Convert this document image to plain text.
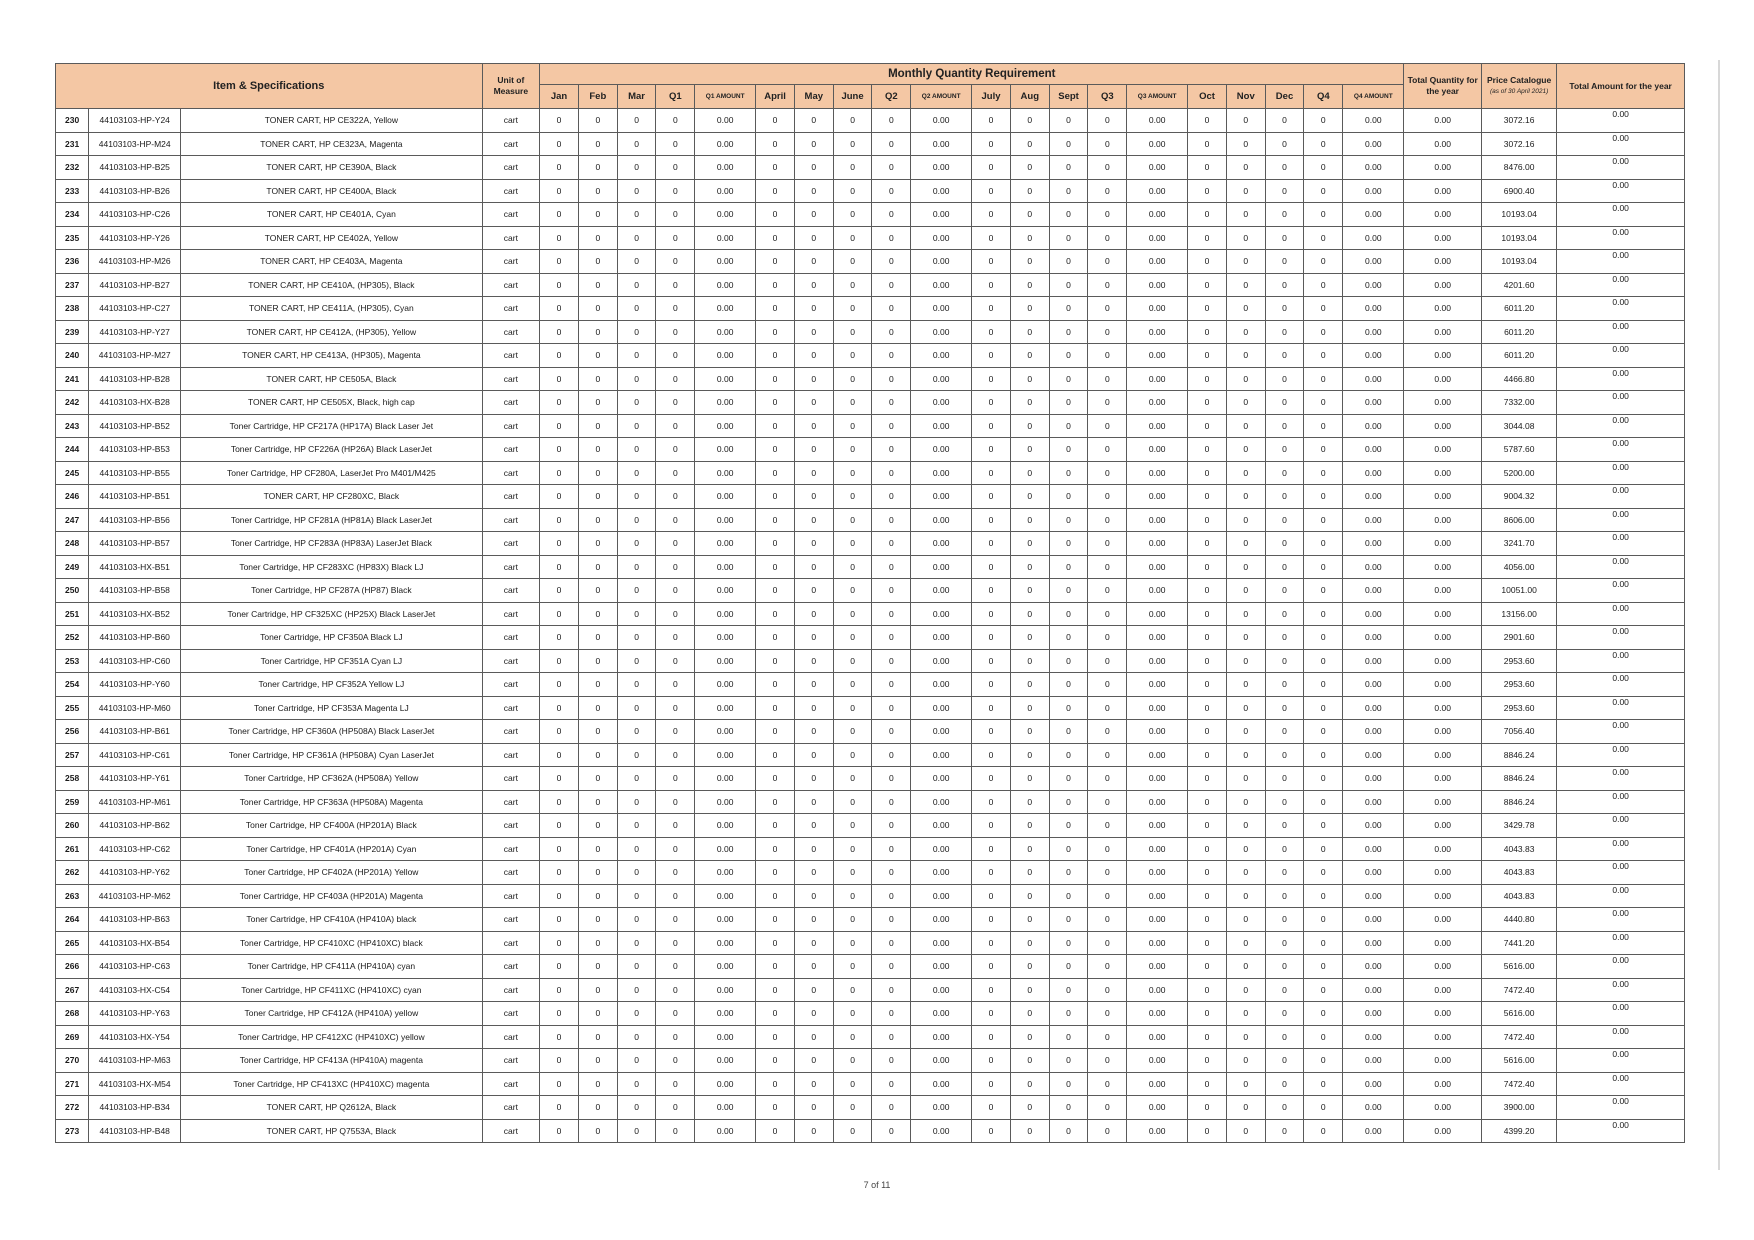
Item & Specifications			Unit of Measure	Monthly Quantity Requirement																				Total Quantity for the year	Price Catalogue
(as of 30 April 2021)	Total Amount for the year
				Jan	Feb	Mar	Q1	Q1 AMOUNT	April	May	June	Q2	Q2 AMOUNT	July	Aug	Sept	Q3	Q3 AMOUNT	Oct	Nov	Dec	Q4	Q4 AMOUNT			
230	44103103-HP-Y24	TONER CART, HP CE322A, Yellow	cart	0	0	0	0	0.00	0	0	0	0	0.00	0	0	0	0	0.00	0	0	0	0	0.00	0.00	3072.16	0.00
231	44103103-HP-M24	TONER CART, HP CE323A, Magenta	cart	0	0	0	0	0.00	0	0	0	0	0.00	0	0	0	0	0.00	0	0	0	0	0.00	0.00	3072.16	0.00
232	44103103-HP-B25	TONER CART, HP CE390A, Black	cart	0	0	0	0	0.00	0	0	0	0	0.00	0	0	0	0	0.00	0	0	0	0	0.00	0.00	8476.00	0.00
233	44103103-HP-B26	TONER CART, HP CE400A, Black	cart	0	0	0	0	0.00	0	0	0	0	0.00	0	0	0	0	0.00	0	0	0	0	0.00	0.00	6900.40	0.00
234	44103103-HP-C26	TONER CART, HP CE401A, Cyan	cart	0	0	0	0	0.00	0	0	0	0	0.00	0	0	0	0	0.00	0	0	0	0	0.00	0.00	10193.04	0.00
235	44103103-HP-Y26	TONER CART, HP CE402A, Yellow	cart	0	0	0	0	0.00	0	0	0	0	0.00	0	0	0	0	0.00	0	0	0	0	0.00	0.00	10193.04	0.00
236	44103103-HP-M26	TONER CART, HP CE403A, Magenta	cart	0	0	0	0	0.00	0	0	0	0	0.00	0	0	0	0	0.00	0	0	0	0	0.00	0.00	10193.04	0.00
237	44103103-HP-B27	TONER CART, HP CE410A, (HP305), Black	cart	0	0	0	0	0.00	0	0	0	0	0.00	0	0	0	0	0.00	0	0	0	0	0.00	0.00	4201.60	0.00
238	44103103-HP-C27	TONER CART, HP CE411A, (HP305), Cyan	cart	0	0	0	0	0.00	0	0	0	0	0.00	0	0	0	0	0.00	0	0	0	0	0.00	0.00	6011.20	0.00
239	44103103-HP-Y27	TONER CART, HP CE412A, (HP305), Yellow	cart	0	0	0	0	0.00	0	0	0	0	0.00	0	0	0	0	0.00	0	0	0	0	0.00	0.00	6011.20	0.00
240	44103103-HP-M27	TONER CART, HP CE413A, (HP305), Magenta	cart	0	0	0	0	0.00	0	0	0	0	0.00	0	0	0	0	0.00	0	0	0	0	0.00	0.00	6011.20	0.00
241	44103103-HP-B28	TONER CART, HP CE505A, Black	cart	0	0	0	0	0.00	0	0	0	0	0.00	0	0	0	0	0.00	0	0	0	0	0.00	0.00	4466.80	0.00
242	44103103-HX-B28	TONER CART, HP CE505X, Black, high cap	cart	0	0	0	0	0.00	0	0	0	0	0.00	0	0	0	0	0.00	0	0	0	0	0.00	0.00	7332.00	0.00
243	44103103-HP-B52	Toner Cartridge, HP CF217A (HP17A) Black Laser Jet	cart	0	0	0	0	0.00	0	0	0	0	0.00	0	0	0	0	0.00	0	0	0	0	0.00	0.00	3044.08	0.00
244	44103103-HP-B53	Toner Cartridge, HP CF226A (HP26A) Black LaserJet	cart	0	0	0	0	0.00	0	0	0	0	0.00	0	0	0	0	0.00	0	0	0	0	0.00	0.00	5787.60	0.00
245	44103103-HP-B55	Toner Cartridge, HP CF280A, LaserJet Pro M401/M425	cart	0	0	0	0	0.00	0	0	0	0	0.00	0	0	0	0	0.00	0	0	0	0	0.00	0.00	5200.00	0.00
246	44103103-HP-B51	TONER CART, HP CF280XC, Black	cart	0	0	0	0	0.00	0	0	0	0	0.00	0	0	0	0	0.00	0	0	0	0	0.00	0.00	9004.32	0.00
247	44103103-HP-B56	Toner Cartridge, HP CF281A (HP81A) Black LaserJet	cart	0	0	0	0	0.00	0	0	0	0	0.00	0	0	0	0	0.00	0	0	0	0	0.00	0.00	8606.00	0.00
248	44103103-HP-B57	Toner Cartridge, HP CF283A (HP83A) LaserJet Black	cart	0	0	0	0	0.00	0	0	0	0	0.00	0	0	0	0	0.00	0	0	0	0	0.00	0.00	3241.70	0.00
249	44103103-HX-B51	Toner Cartridge, HP CF283XC (HP83X) Black LJ	cart	0	0	0	0	0.00	0	0	0	0	0.00	0	0	0	0	0.00	0	0	0	0	0.00	0.00	4056.00	0.00
250	44103103-HP-B58	Toner Cartridge, HP CF287A (HP87) Black	cart	0	0	0	0	0.00	0	0	0	0	0.00	0	0	0	0	0.00	0	0	0	0	0.00	0.00	10051.00	0.00
251	44103103-HX-B52	Toner Cartridge, HP CF325XC (HP25X) Black LaserJet	cart	0	0	0	0	0.00	0	0	0	0	0.00	0	0	0	0	0.00	0	0	0	0	0.00	0.00	13156.00	0.00
252	44103103-HP-B60	Toner Cartridge, HP CF350A Black LJ	cart	0	0	0	0	0.00	0	0	0	0	0.00	0	0	0	0	0.00	0	0	0	0	0.00	0.00	2901.60	0.00
253	44103103-HP-C60	Toner Cartridge, HP CF351A Cyan LJ	cart	0	0	0	0	0.00	0	0	0	0	0.00	0	0	0	0	0.00	0	0	0	0	0.00	0.00	2953.60	0.00
254	44103103-HP-Y60	Toner Cartridge, HP CF352A Yellow LJ	cart	0	0	0	0	0.00	0	0	0	0	0.00	0	0	0	0	0.00	0	0	0	0	0.00	0.00	2953.60	0.00
255	44103103-HP-M60	Toner Cartridge, HP CF353A Magenta LJ	cart	0	0	0	0	0.00	0	0	0	0	0.00	0	0	0	0	0.00	0	0	0	0	0.00	0.00	2953.60	0.00
256	44103103-HP-B61	Toner Cartridge, HP CF360A (HP508A) Black LaserJet	cart	0	0	0	0	0.00	0	0	0	0	0.00	0	0	0	0	0.00	0	0	0	0	0.00	0.00	7056.40	0.00
257	44103103-HP-C61	Toner Cartridge, HP CF361A (HP508A) Cyan LaserJet	cart	0	0	0	0	0.00	0	0	0	0	0.00	0	0	0	0	0.00	0	0	0	0	0.00	0.00	8846.24	0.00
258	44103103-HP-Y61	Toner Cartridge, HP CF362A (HP508A) Yellow	cart	0	0	0	0	0.00	0	0	0	0	0.00	0	0	0	0	0.00	0	0	0	0	0.00	0.00	8846.24	0.00
259	44103103-HP-M61	Toner Cartridge, HP CF363A (HP508A) Magenta	cart	0	0	0	0	0.00	0	0	0	0	0.00	0	0	0	0	0.00	0	0	0	0	0.00	0.00	8846.24	0.00
260	44103103-HP-B62	Toner Cartridge, HP CF400A (HP201A) Black	cart	0	0	0	0	0.00	0	0	0	0	0.00	0	0	0	0	0.00	0	0	0	0	0.00	0.00	3429.78	0.00
261	44103103-HP-C62	Toner Cartridge, HP CF401A (HP201A) Cyan	cart	0	0	0	0	0.00	0	0	0	0	0.00	0	0	0	0	0.00	0	0	0	0	0.00	0.00	4043.83	0.00
262	44103103-HP-Y62	Toner Cartridge, HP CF402A (HP201A) Yellow	cart	0	0	0	0	0.00	0	0	0	0	0.00	0	0	0	0	0.00	0	0	0	0	0.00	0.00	4043.83	0.00
263	44103103-HP-M62	Toner Cartridge, HP CF403A (HP201A) Magenta	cart	0	0	0	0	0.00	0	0	0	0	0.00	0	0	0	0	0.00	0	0	0	0	0.00	0.00	4043.83	0.00
264	44103103-HP-B63	Toner Cartridge, HP CF410A (HP410A) black	cart	0	0	0	0	0.00	0	0	0	0	0.00	0	0	0	0	0.00	0	0	0	0	0.00	0.00	4440.80	0.00
265	44103103-HX-B54	Toner Cartridge, HP CF410XC (HP410XC) black	cart	0	0	0	0	0.00	0	0	0	0	0.00	0	0	0	0	0.00	0	0	0	0	0.00	0.00	7441.20	0.00
266	44103103-HP-C63	Toner Cartridge, HP CF411A (HP410A) cyan	cart	0	0	0	0	0.00	0	0	0	0	0.00	0	0	0	0	0.00	0	0	0	0	0.00	0.00	5616.00	0.00
267	44103103-HX-C54	Toner Cartridge, HP CF411XC (HP410XC) cyan	cart	0	0	0	0	0.00	0	0	0	0	0.00	0	0	0	0	0.00	0	0	0	0	0.00	0.00	7472.40	0.00
268	44103103-HP-Y63	Toner Cartridge, HP CF412A (HP410A) yellow	cart	0	0	0	0	0.00	0	0	0	0	0.00	0	0	0	0	0.00	0	0	0	0	0.00	0.00	5616.00	0.00
269	44103103-HX-Y54	Toner Cartridge, HP CF412XC (HP410XC) yellow	cart	0	0	0	0	0.00	0	0	0	0	0.00	0	0	0	0	0.00	0	0	0	0	0.00	0.00	7472.40	0.00
270	44103103-HP-M63	Toner Cartridge, HP CF413A (HP410A) magenta	cart	0	0	0	0	0.00	0	0	0	0	0.00	0	0	0	0	0.00	0	0	0	0	0.00	0.00	5616.00	0.00
271	44103103-HX-M54	Toner Cartridge, HP CF413XC (HP410XC) magenta	cart	0	0	0	0	0.00	0	0	0	0	0.00	0	0	0	0	0.00	0	0	0	0	0.00	0.00	7472.40	0.00
272	44103103-HP-B34	TONER CART, HP Q2612A, Black	cart	0	0	0	0	0.00	0	0	0	0	0.00	0	0	0	0	0.00	0	0	0	0	0.00	0.00	3900.00	0.00
273	44103103-HP-B48	TONER CART, HP Q7553A, Black	cart	0	0	0	0	0.00	0	0	0	0	0.00	0	0	0	0	0.00	0	0	0	0	0.00	0.00	4399.20	0.00
7 of 11
